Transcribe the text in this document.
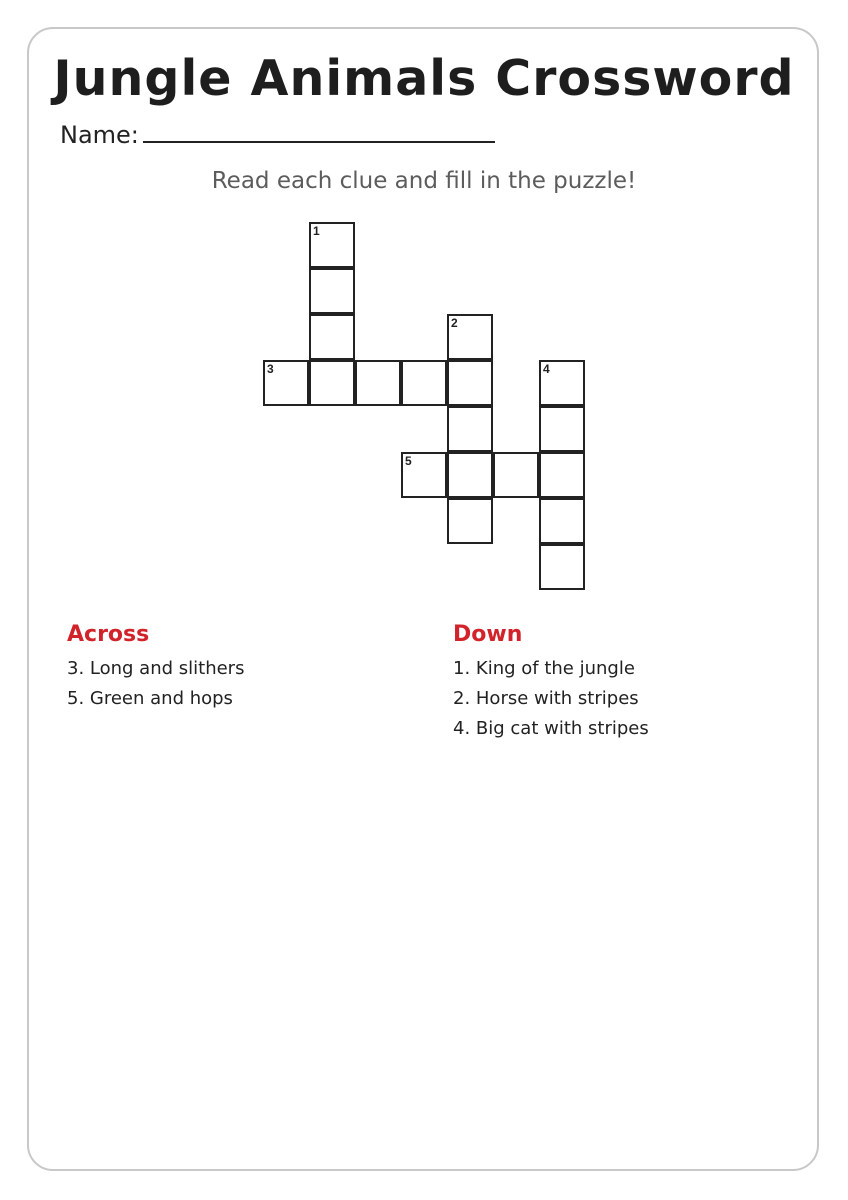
Jungle Animals Crossword
Name:
Read each clue and fill in the puzzle!
1
2
3	4
5
Across
3. Long and slithers
5. Green and hops
Down
1. King of the jungle
2. Horse with stripes
4. Big cat with stripes
